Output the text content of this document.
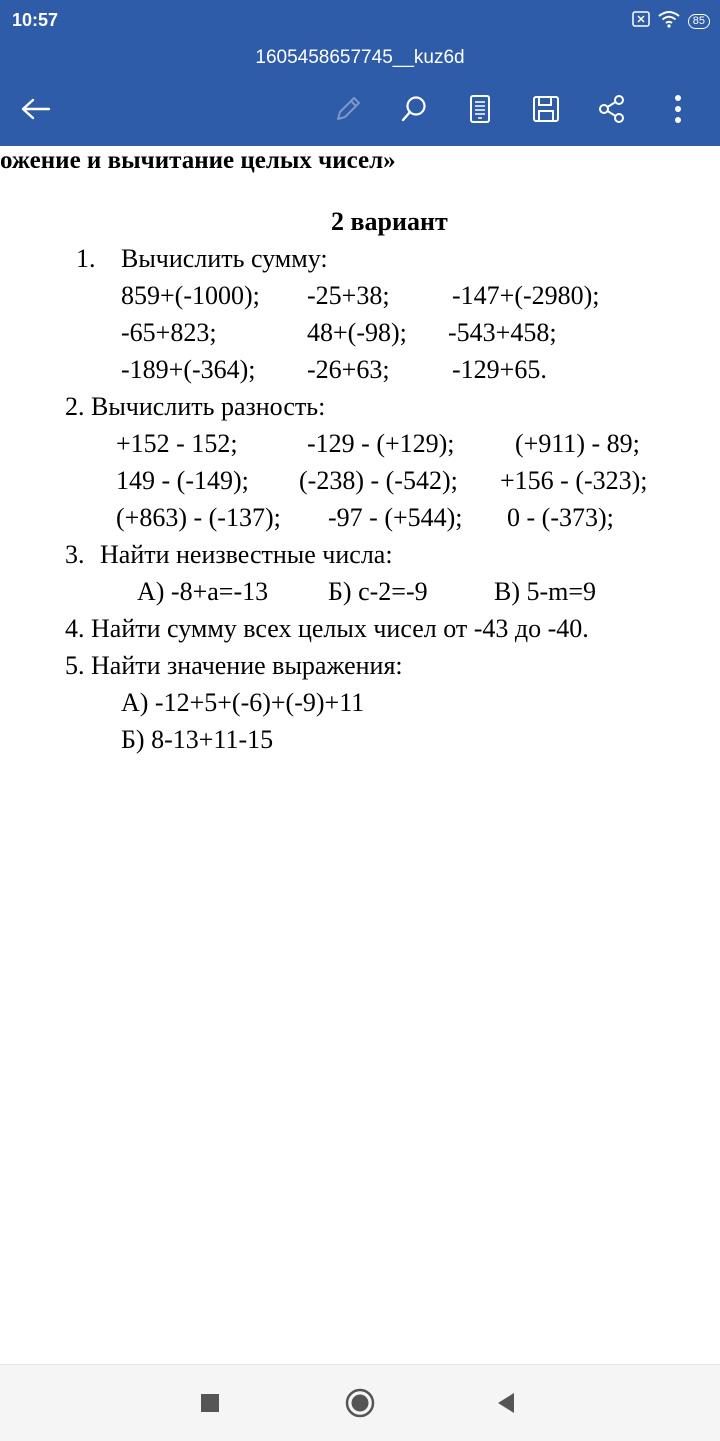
10:57	85
1605458657745__kuz6d
ожение и вычитание целых чисел»
2 вариант
1. Вычислить сумму:
859+(-1000); -25+38; -147+(-2980);
-65+823;	48+(-98); -543+458;
-189+(-364); -26+63; -129+65.
2. Вычислить разность:
+152 - 152;	-129 - (+129); (+911) - 89;
149 - (-149); (-238) - (-542); +156 - (-323);
(+863) - (-137); -97 - (+544); 0 - (-373);
3. Найти неизвестные числа:
А) -8+a=-13 Б) c-2=-9	В) 5-m=9
4. Найти сумму всех целых чисел от -43 до -40.
5. Найти значение выражения:
А) -12+5+(-6)+(-9)+11
Б) 8-13+11-15
